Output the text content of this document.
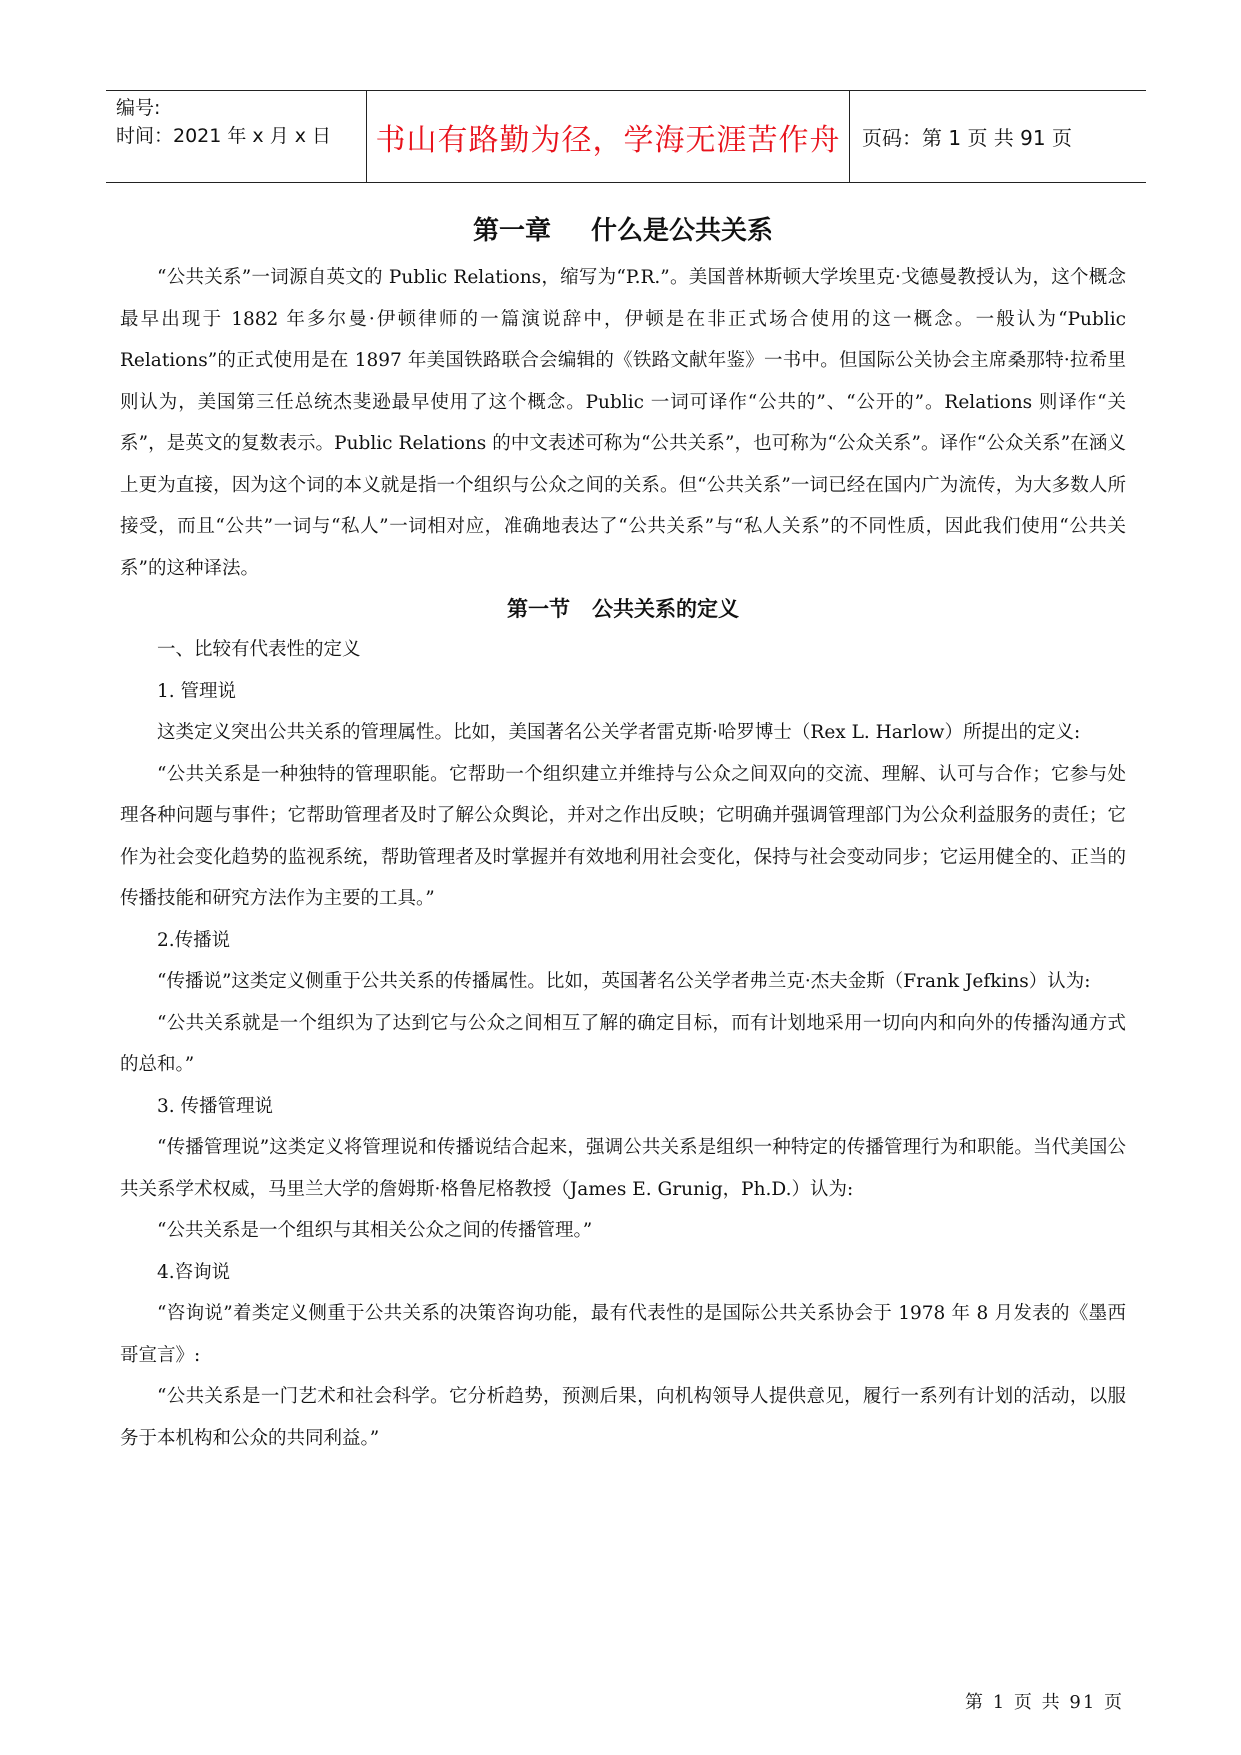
编号:
时间：2021 年 x 月 x 日	书山有路勤为径，学海无涯苦作舟	页码：第 1 页 共 91 页
第一章 什么是公共关系

“公共关系”一词源自英文的 Public Relations，缩写为“P.R.”。美国普林斯顿大学埃里克·戈德曼教授认为，这个概念最早出现于 1882 年多尔曼·伊顿律师的一篇演说辞中，伊顿是在非正式场合使用的这一概念。一般认为“Public Relations”的正式使用是在 1897 年美国铁路联合会编辑的《铁路文献年鉴》一书中。但国际公关协会主席桑那特·拉希里则认为，美国第三任总统杰斐逊最早使用了这个概念。Public 一词可译作“公共的”、“公开的”。Relations 则译作“关系”，是英文的复数表示。Public Relations 的中文表述可称为“公共关系”，也可称为“公众关系”。译作“公众关系”在涵义上更为直接，因为这个词的本义就是指一个组织与公众之间的关系。但“公共关系”一词已经在国内广为流传，为大多数人所接受，而且“公共”一词与“私人”一词相对应，准确地表达了“公共关系”与“私人关系”的不同性质，因此我们使用“公共关系”的这种译法。

第一节 公共关系的定义

一、比较有代表性的定义

1. 管理说

这类定义突出公共关系的管理属性。比如，美国著名公关学者雷克斯·哈罗博士（Rex L. Harlow）所提出的定义:

“公共关系是一种独特的管理职能。它帮助一个组织建立并维持与公众之间双向的交流、理解、认可与合作；它参与处理各种问题与事件；它帮助管理者及时了解公众舆论，并对之作出反映；它明确并强调管理部门为公众利益服务的责任；它作为社会变化趋势的监视系统，帮助管理者及时掌握并有效地利用社会变化，保持与社会变动同步；它运用健全的、正当的传播技能和研究方法作为主要的工具。”

2.传播说

“传播说”这类定义侧重于公共关系的传播属性。比如，英国著名公关学者弗兰克·杰夫金斯（Frank Jefkins）认为:

“公共关系就是一个组织为了达到它与公众之间相互了解的确定目标，而有计划地采用一切向内和向外的传播沟通方式的总和。”

3. 传播管理说

“传播管理说”这类定义将管理说和传播说结合起来，强调公共关系是组织一种特定的传播管理行为和职能。当代美国公共关系学术权威，马里兰大学的詹姆斯·格鲁尼格教授（James E. Grunig，Ph.D.）认为:

“公共关系是一个组织与其相关公众之间的传播管理。”

4.咨询说

“咨询说”着类定义侧重于公共关系的决策咨询功能，最有代表性的是国际公共关系协会于 1978 年 8 月发表的《墨西哥宣言》:

“公共关系是一门艺术和社会科学。它分析趋势，预测后果，向机构领导人提供意见，履行一系列有计划的活动，以服务于本机构和公众的共同利益。”

第 1 页 共 91 页
